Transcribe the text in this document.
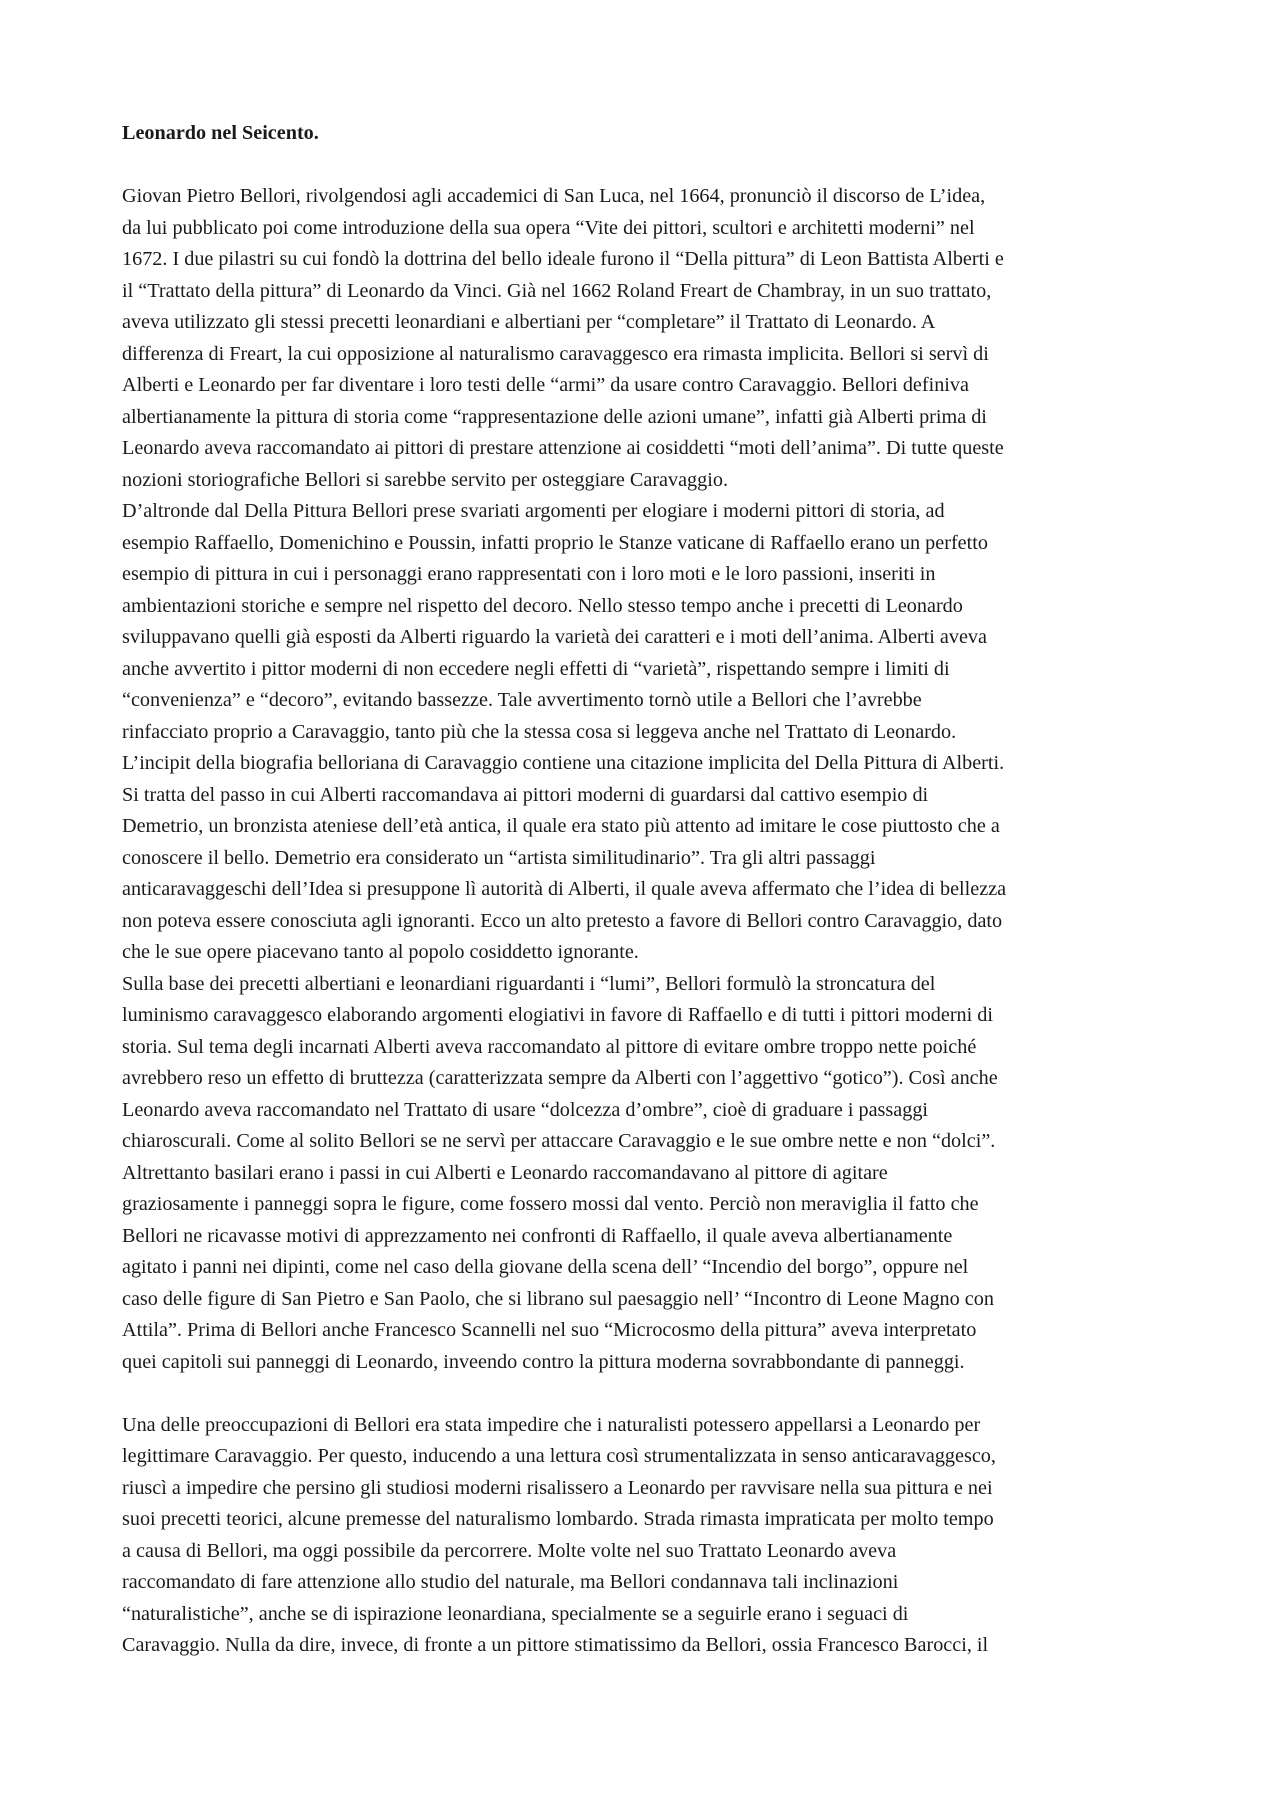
Leonardo nel Seicento.

Giovan Pietro Bellori, rivolgendosi agli accademici di San Luca, nel 1664, pronunciò il discorso de L’idea,
da lui pubblicato poi come introduzione della sua opera “Vite dei pittori, scultori e architetti moderni” nel
1672. I due pilastri su cui fondò la dottrina del bello ideale furono il “Della pittura” di Leon Battista Alberti e
il “Trattato della pittura” di Leonardo da Vinci. Già nel 1662 Roland Freart de Chambray, in un suo trattato,
aveva utilizzato gli stessi precetti leonardiani e albertiani per “completare” il Trattato di Leonardo. A
differenza di Freart, la cui opposizione al naturalismo caravaggesco era rimasta implicita. Bellori si servì di
Alberti e Leonardo per far diventare i loro testi delle “armi” da usare contro Caravaggio. Bellori definiva
albertianamente la pittura di storia come “rappresentazione delle azioni umane”, infatti già Alberti prima di
Leonardo aveva raccomandato ai pittori di prestare attenzione ai cosiddetti “moti dell’anima”. Di tutte queste
nozioni storiografiche Bellori si sarebbe servito per osteggiare Caravaggio.

D’altronde dal Della Pittura Bellori prese svariati argomenti per elogiare i moderni pittori di storia, ad
esempio Raffaello, Domenichino e Poussin, infatti proprio le Stanze vaticane di Raffaello erano un perfetto
esempio di pittura in cui i personaggi erano rappresentati con i loro moti e le loro passioni, inseriti in
ambientazioni storiche e sempre nel rispetto del decoro. Nello stesso tempo anche i precetti di Leonardo
sviluppavano quelli già esposti da Alberti riguardo la varietà dei caratteri e i moti dell’anima. Alberti aveva
anche avvertito i pittor moderni di non eccedere negli effetti di “varietà”, rispettando sempre i limiti di
“convenienza” e “decoro”, evitando bassezze. Tale avvertimento tornò utile a Bellori che l’avrebbe
rinfacciato proprio a Caravaggio, tanto più che la stessa cosa si leggeva anche nel Trattato di Leonardo.

L’incipit della biografia belloriana di Caravaggio contiene una citazione implicita del Della Pittura di Alberti.
Si tratta del passo in cui Alberti raccomandava ai pittori moderni di guardarsi dal cattivo esempio di
Demetrio, un bronzista ateniese dell’età antica, il quale era stato più attento ad imitare le cose piuttosto che a
conoscere il bello. Demetrio era considerato un “artista similitudinario”. Tra gli altri passaggi
anticaravaggeschi dell’Idea si presuppone lì autorità di Alberti, il quale aveva affermato che l’idea di bellezza
non poteva essere conosciuta agli ignoranti. Ecco un alto pretesto a favore di Bellori contro Caravaggio, dato
che le sue opere piacevano tanto al popolo cosiddetto ignorante.

Sulla base dei precetti albertiani e leonardiani riguardanti i “lumi”, Bellori formulò la stroncatura del
luminismo caravaggesco elaborando argomenti elogiativi in favore di Raffaello e di tutti i pittori moderni di
storia. Sul tema degli incarnati Alberti aveva raccomandato al pittore di evitare ombre troppo nette poiché
avrebbero reso un effetto di bruttezza (caratterizzata sempre da Alberti con l’aggettivo “gotico”). Così anche
Leonardo aveva raccomandato nel Trattato di usare “dolcezza d’ombre”, cioè di graduare i passaggi
chiaroscurali. Come al solito Bellori se ne servì per attaccare Caravaggio e le sue ombre nette e non “dolci”.
Altrettanto basilari erano i passi in cui Alberti e Leonardo raccomandavano al pittore di agitare
graziosamente i panneggi sopra le figure, come fossero mossi dal vento. Perciò non meraviglia il fatto che
Bellori ne ricavasse motivi di apprezzamento nei confronti di Raffaello, il quale aveva albertianamente
agitato i panni nei dipinti, come nel caso della giovane della scena dell’ “Incendio del borgo”, oppure nel
caso delle figure di San Pietro e San Paolo, che si librano sul paesaggio nell’ “Incontro di Leone Magno con
Attila”. Prima di Bellori anche Francesco Scannelli nel suo “Microcosmo della pittura” aveva interpretato
quei capitoli sui panneggi di Leonardo, inveendo contro la pittura moderna sovrabbondante di panneggi.

Una delle preoccupazioni di Bellori era stata impedire che i naturalisti potessero appellarsi a Leonardo per
legittimare Caravaggio. Per questo, inducendo a una lettura così strumentalizzata in senso anticaravaggesco,
riuscì a impedire che persino gli studiosi moderni risalissero a Leonardo per ravvisare nella sua pittura e nei
suoi precetti teorici, alcune premesse del naturalismo lombardo. Strada rimasta impraticata per molto tempo
a causa di Bellori, ma oggi possibile da percorrere. Molte volte nel suo Trattato Leonardo aveva
raccomandato di fare attenzione allo studio del naturale, ma Bellori condannava tali inclinazioni
“naturalistiche”, anche se di ispirazione leonardiana, specialmente se a seguirle erano i seguaci di
Caravaggio. Nulla da dire, invece, di fronte a un pittore stimatissimo da Bellori, ossia Francesco Barocci, il
